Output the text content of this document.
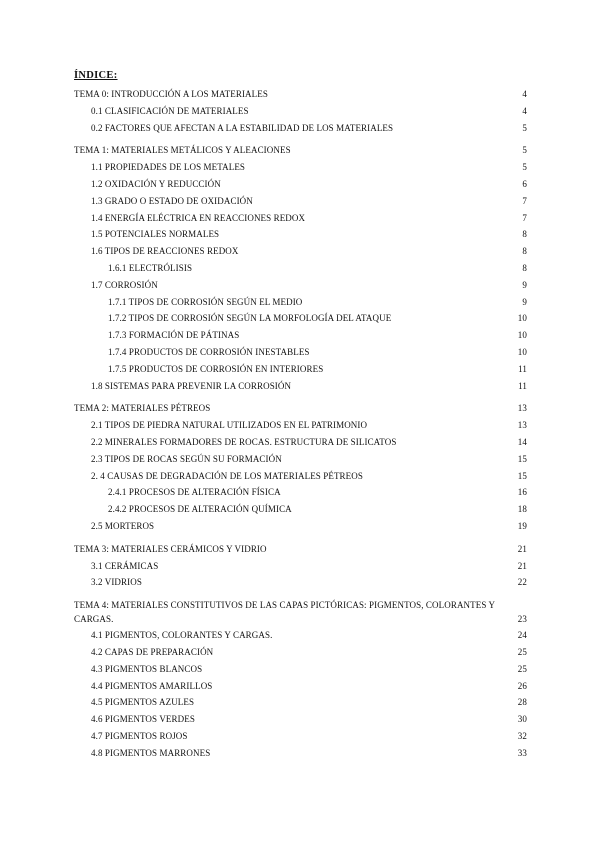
ÍNDICE:
TEMA 0: INTRODUCCIÓN A LOS MATERIALES	4
0.1 CLASIFICACIÓN DE MATERIALES	4
0.2 FACTORES QUE AFECTAN A LA ESTABILIDAD DE LOS MATERIALES	5
TEMA 1: MATERIALES METÁLICOS Y ALEACIONES	5
1.1 PROPIEDADES DE LOS METALES	5
1.2 OXIDACIÓN Y REDUCCIÓN	6
1.3 GRADO O ESTADO DE OXIDACIÓN	7
1.4 ENERGÍA ELÉCTRICA EN REACCIONES REDOX	7
1.5 POTENCIALES NORMALES	8
1.6 TIPOS DE REACCIONES REDOX	8
1.6.1 ELECTRÓLISIS	8
1.7 CORROSIÓN	9
1.7.1 TIPOS DE CORROSIÓN SEGÚN EL MEDIO	9
1.7.2 TIPOS DE CORROSIÓN SEGÚN LA MORFOLOGÍA DEL ATAQUE	10
1.7.3 FORMACIÓN DE PÁTINAS	10
1.7.4 PRODUCTOS DE CORROSIÓN INESTABLES	10
1.7.5 PRODUCTOS DE CORROSIÓN EN INTERIORES	11
1.8 SISTEMAS PARA PREVENIR LA CORROSIÓN	11
TEMA 2: MATERIALES PÉTREOS	13
2.1 TIPOS DE PIEDRA NATURAL UTILIZADOS EN EL PATRIMONIO	13
2.2 MINERALES FORMADORES DE ROCAS. ESTRUCTURA DE SILICATOS	14
2.3 TIPOS DE ROCAS SEGÚN SU FORMACIÓN	15
2. 4 CAUSAS DE DEGRADACIÓN DE LOS MATERIALES PÉTREOS	15
2.4.1 PROCESOS DE ALTERACIÓN FÍSICA	16
2.4.2 PROCESOS DE ALTERACIÓN QUÍMICA	18
2.5 MORTEROS	19
TEMA 3: MATERIALES CERÁMICOS Y VIDRIO	21
3.1 CERÁMICAS	21
3.2 VIDRIOS	22
TEMA 4: MATERIALES CONSTITUTIVOS DE LAS CAPAS PICTÓRICAS: PIGMENTOS, COLORANTES Y CARGAS.	23
4.1 PIGMENTOS, COLORANTES Y CARGAS.	24
4.2 CAPAS DE PREPARACIÓN	25
4.3 PIGMENTOS BLANCOS	25
4.4 PIGMENTOS AMARILLOS	26
4.5 PIGMENTOS AZULES	28
4.6 PIGMENTOS VERDES	30
4.7 PIGMENTOS ROJOS	32
4.8 PIGMENTOS MARRONES	33
